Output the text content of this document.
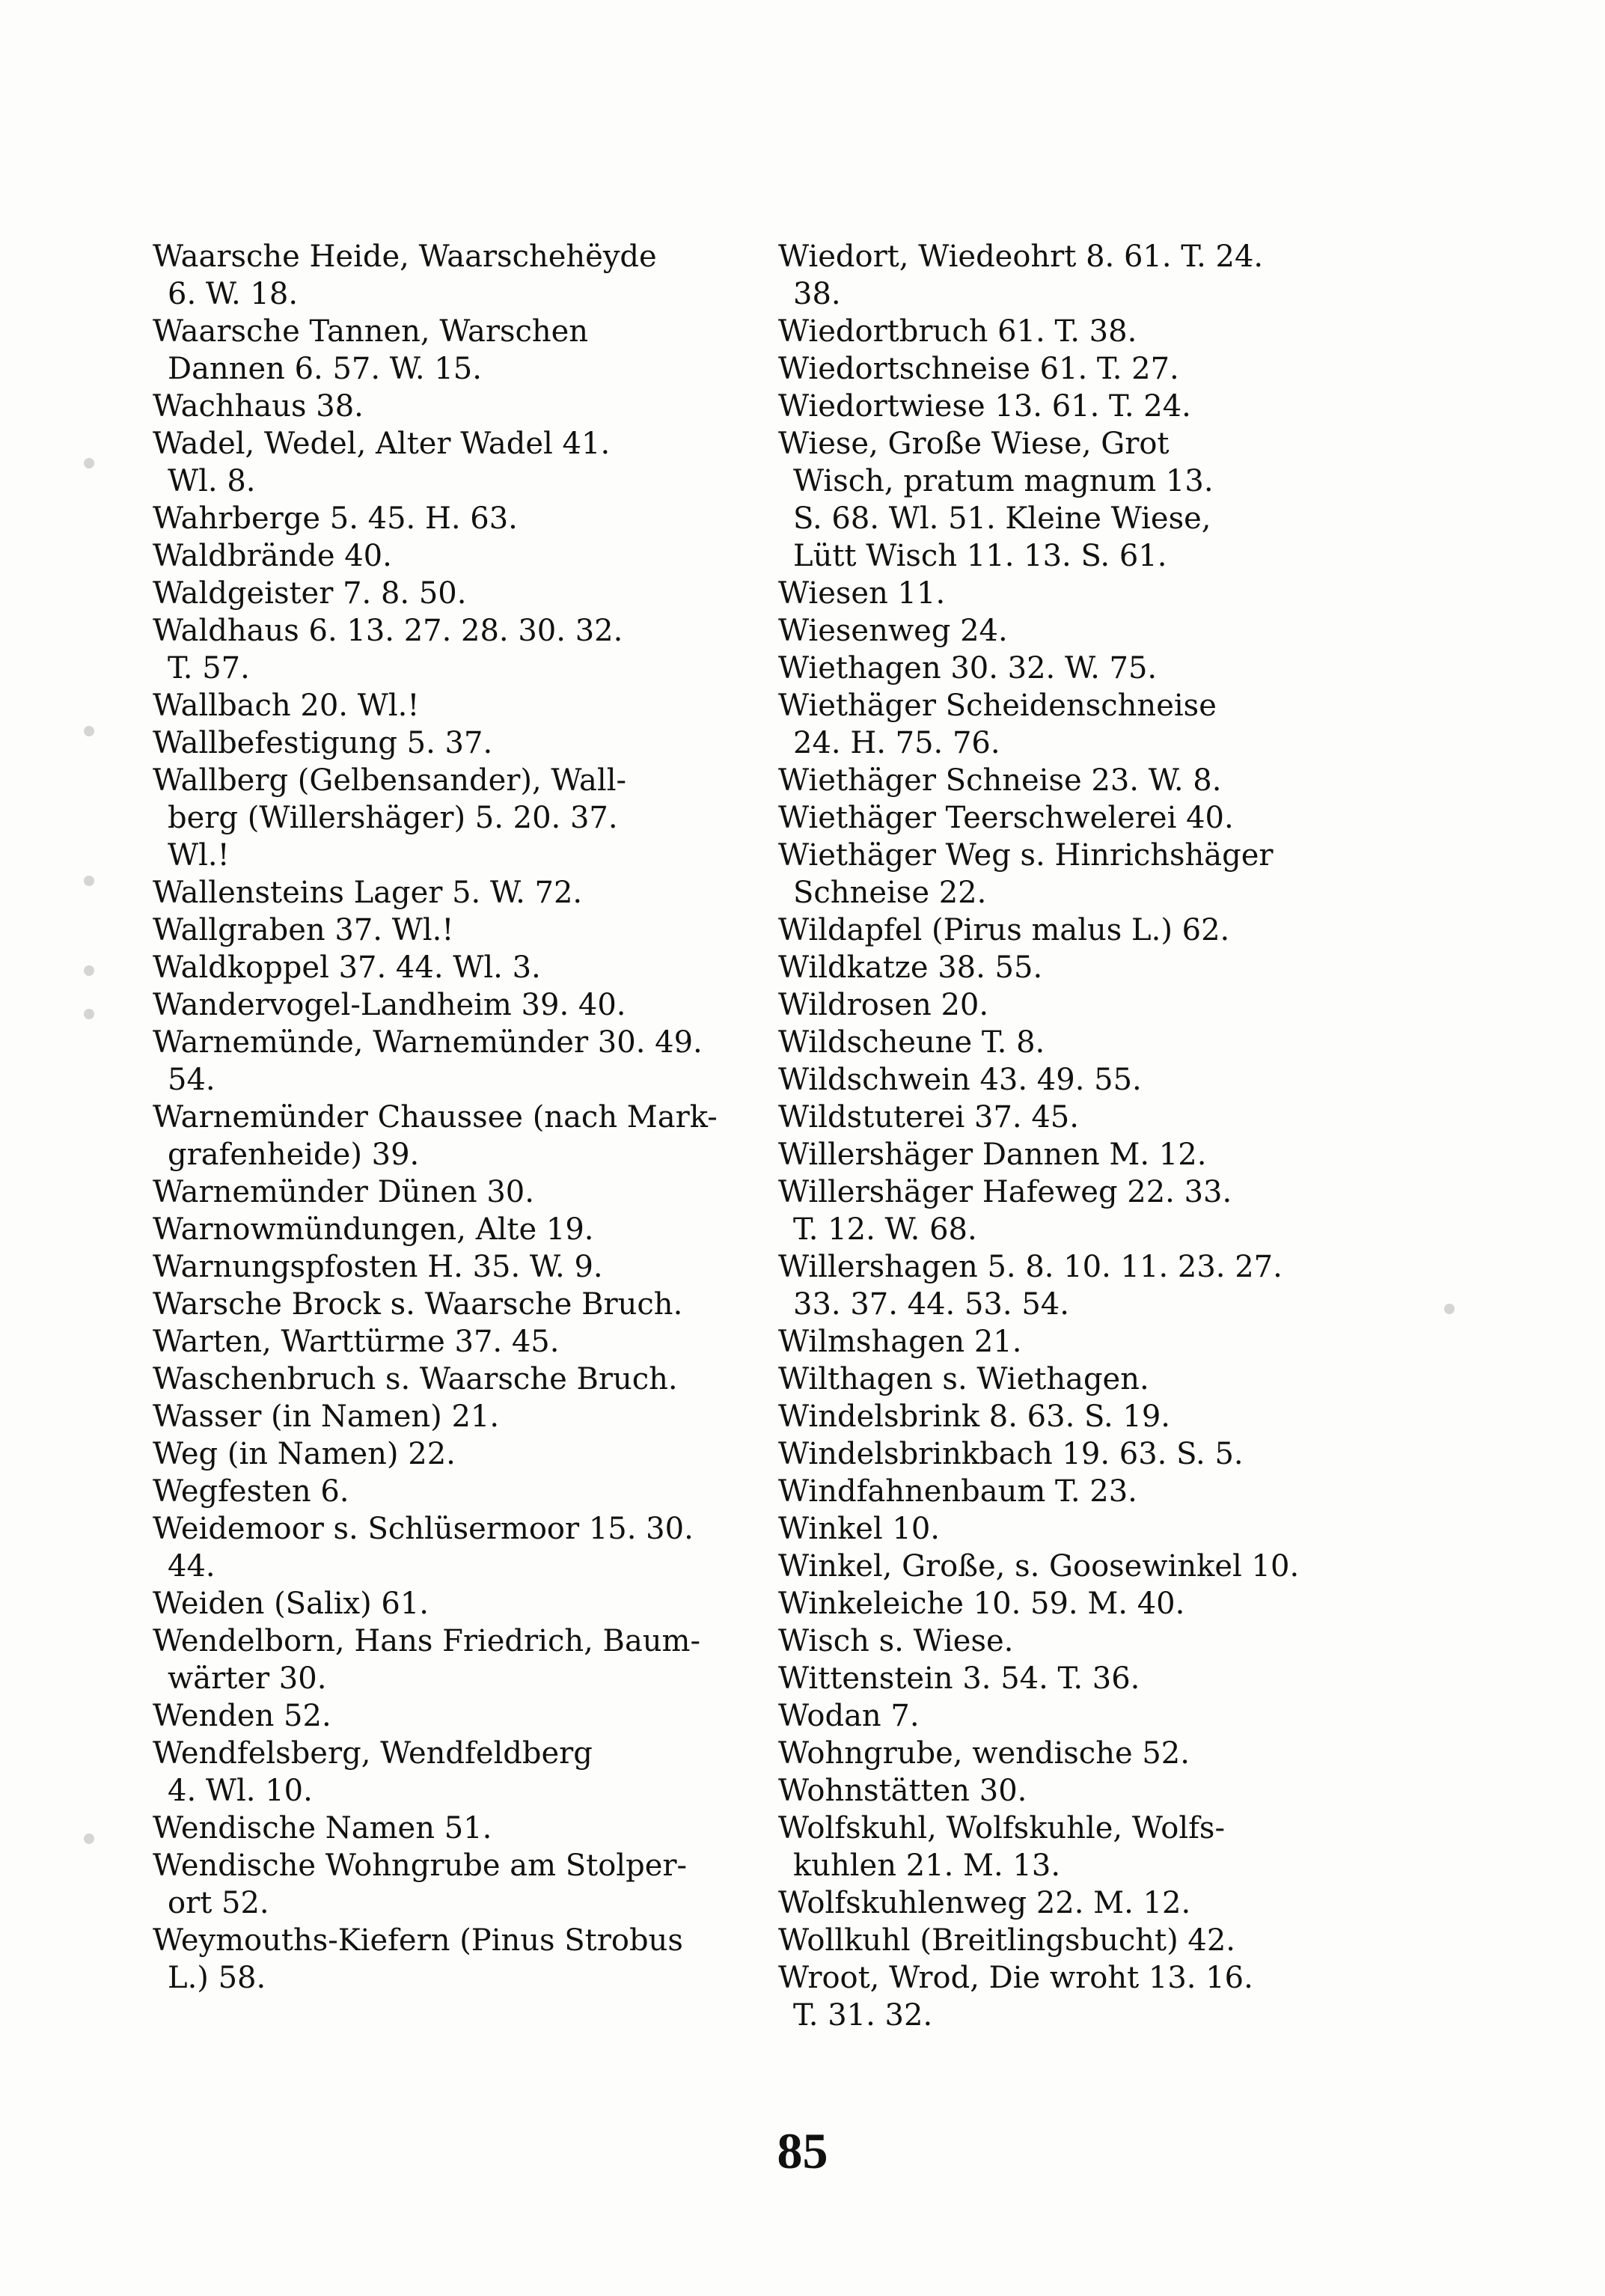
Waarsche Heide, Waarschehëyde
6. W. 18.
Waarsche Tannen, Warschen
Dannen 6. 57. W. 15.
Wachhaus 38.
Wadel, Wedel, Alter Wadel 41.
Wl. 8.
Wahrberge 5. 45. H. 63.
Waldbrände 40.
Waldgeister 7. 8. 50.
Waldhaus 6. 13. 27. 28. 30. 32.
T. 57.
Wallbach 20. Wl.!
Wallbefestigung 5. 37.
Wallberg (Gelbensander), Wall-
berg (Willershäger) 5. 20. 37.
Wl.!
Wallensteins Lager 5. W. 72.
Wallgraben 37. Wl.!
Waldkoppel 37. 44. Wl. 3.
Wandervogel-Landheim 39. 40.
Warnemünde, Warnemünder 30. 49.
54.
Warnemünder Chaussee (nach Mark-
grafenheide) 39.
Warnemünder Dünen 30.
Warnowmündungen, Alte 19.
Warnungspfosten H. 35. W. 9.
Warsche Brock s. Waarsche Bruch.
Warten, Warttürme 37. 45.
Waschenbruch s. Waarsche Bruch.
Wasser (in Namen) 21.
Weg (in Namen) 22.
Wegfesten 6.
Weidemoor s. Schlüsermoor 15. 30.
44.
Weiden (Salix) 61.
Wendelborn, Hans Friedrich, Baum-
wärter 30.
Wenden 52.
Wendfelsberg, Wendfeldberg
4. Wl. 10.
Wendische Namen 51.
Wendische Wohngrube am Stolper-
ort 52.
Weymouths-Kiefern (Pinus Strobus
L.) 58.
Wiedort, Wiedeohrt 8. 61. T. 24.
38.
Wiedortbruch 61. T. 38.
Wiedortschneise 61. T. 27.
Wiedortwiese 13. 61. T. 24.
Wiese, Große Wiese, Grot
Wisch, pratum magnum 13.
S. 68. Wl. 51. Kleine Wiese,
Lütt Wisch 11. 13. S. 61.
Wiesen 11.
Wiesenweg 24.
Wiethagen 30. 32. W. 75.
Wiethäger Scheidenschneise
24. H. 75. 76.
Wiethäger Schneise 23. W. 8.
Wiethäger Teerschwelerei 40.
Wiethäger Weg s. Hinrichshäger
Schneise 22.
Wildapfel (Pirus malus L.) 62.
Wildkatze 38. 55.
Wildrosen 20.
Wildscheune T. 8.
Wildschwein 43. 49. 55.
Wildstuterei 37. 45.
Willershäger Dannen M. 12.
Willershäger Hafeweg 22. 33.
T. 12. W. 68.
Willershagen 5. 8. 10. 11. 23. 27.
33. 37. 44. 53. 54.
Wilmshagen 21.
Wilthagen s. Wiethagen.
Windelsbrink 8. 63. S. 19.
Windelsbrinkbach 19. 63. S. 5.
Windfahnenbaum T. 23.
Winkel 10.
Winkel, Große, s. Goosewinkel 10.
Winkeleiche 10. 59. M. 40.
Wisch s. Wiese.
Wittenstein 3. 54. T. 36.
Wodan 7.
Wohngrube, wendische 52.
Wohnstätten 30.
Wolfskuhl, Wolfskuhle, Wolfs-
kuhlen 21. M. 13.
Wolfskuhlenweg 22. M. 12.
Wollkuhl (Breitlingsbucht) 42.
Wroot, Wrod, Die wroht 13. 16.
T. 31. 32.
85
